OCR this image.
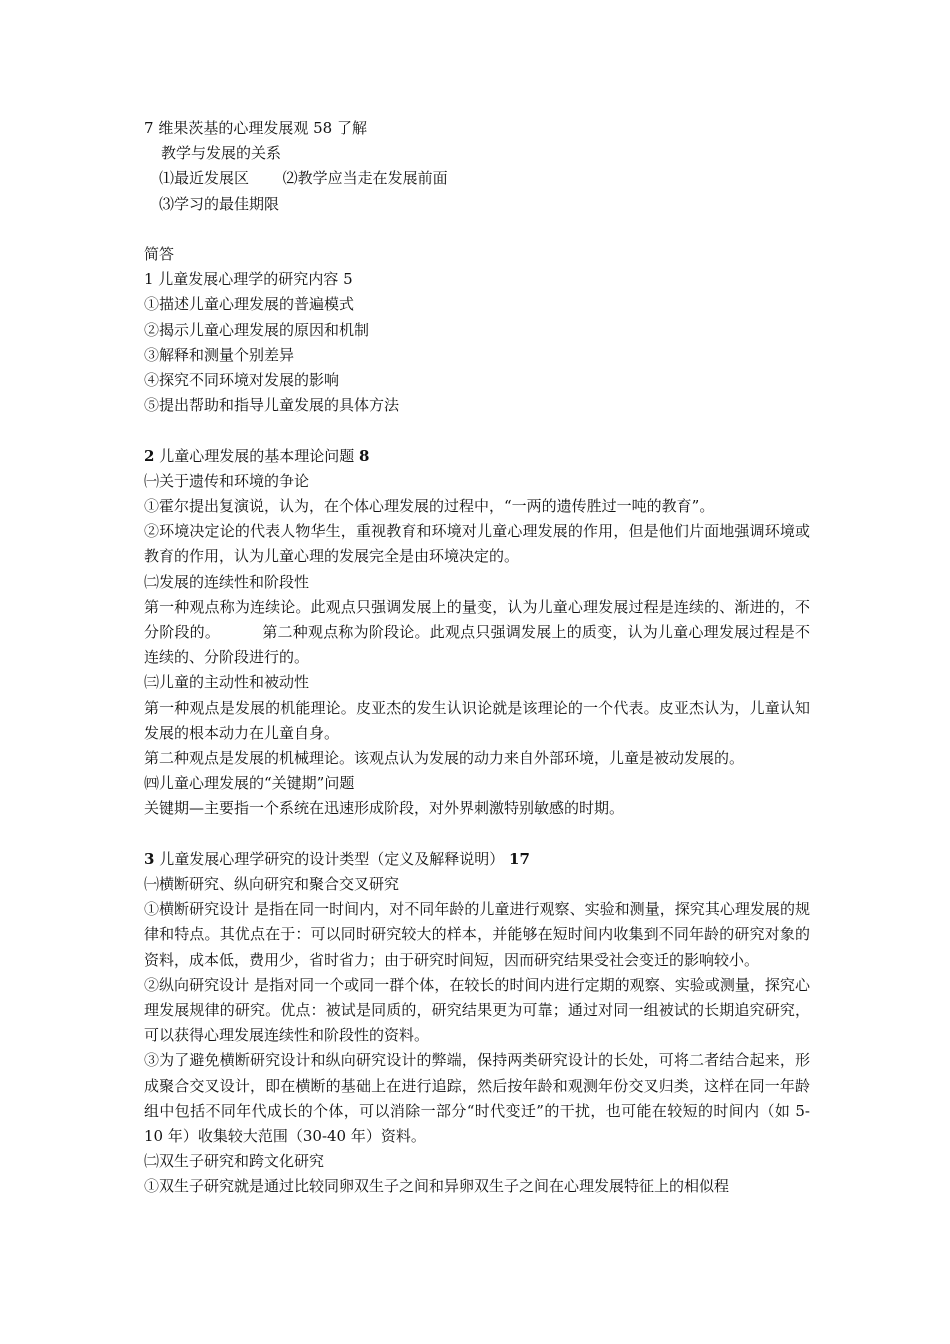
7 维果茨基的心理发展观 58 了解
教学与发展的关系
⑴最近发展区 ⑵教学应当走在发展前面
⑶学习的最佳期限
简答
1 儿童发展心理学的研究内容 5
①描述儿童心理发展的普遍模式
②揭示儿童心理发展的原因和机制
③解释和测量个别差异
④探究不同环境对发展的影响
⑤提出帮助和指导儿童发展的具体方法
2 儿童心理发展的基本理论问题 8
㈠关于遗传和环境的争论
①霍尔提出复演说，认为，在个体心理发展的过程中，“一两的遗传胜过一吨的教育”。
②环境决定论的代表人物华生，重视教育和环境对儿童心理发展的作用，但是他们片面地强调环境或教育的作用，认为儿童心理的发展完全是由环境决定的。
㈡发展的连续性和阶段性
第一种观点称为连续论。此观点只强调发展上的量变，认为儿童心理发展过程是连续的、渐进的，不分阶段的。	第二种观点称为阶段论。此观点只强调发展上的质变，认为儿童心理发展过程是不连续的、分阶段进行的。
㈢儿童的主动性和被动性
第一种观点是发展的机能理论。皮亚杰的发生认识论就是该理论的一个代表。皮亚杰认为，儿童认知发展的根本动力在儿童自身。
第二种观点是发展的机械理论。该观点认为发展的动力来自外部环境，儿童是被动发展的。
㈣儿童心理发展的“关键期”问题
关键期—主要指一个系统在迅速形成阶段，对外界刺激特别敏感的时期。
3 儿童发展心理学研究的设计类型（定义及解释说明） 17
㈠横断研究、纵向研究和聚合交叉研究
①横断研究设计 是指在同一时间内，对不同年龄的儿童进行观察、实验和测量，探究其心理发展的规律和特点。其优点在于：可以同时研究较大的样本，并能够在短时间内收集到不同年龄的研究对象的资料，成本低，费用少，省时省力；由于研究时间短，因而研究结果受社会变迁的影响较小。
②纵向研究设计 是指对同一个或同一群个体，在较长的时间内进行定期的观察、实验或测量，探究心理发展规律的研究。优点：被试是同质的，研究结果更为可靠；通过对同一组被试的长期追究研究，可以获得心理发展连续性和阶段性的资料。
③为了避免横断研究设计和纵向研究设计的弊端，保持两类研究设计的长处，可将二者结合起来，形成聚合交叉设计，即在横断的基础上在进行追踪，然后按年龄和观测年份交叉归类，这样在同一年龄组中包括不同年代成长的个体，可以消除一部分“时代变迁”的干扰，也可能在较短的时间内（如 5-10 年）收集较大范围（30-40 年）资料。
㈡双生子研究和跨文化研究
①双生子研究就是通过比较同卵双生子之间和异卵双生子之间在心理发展特征上的相似程
